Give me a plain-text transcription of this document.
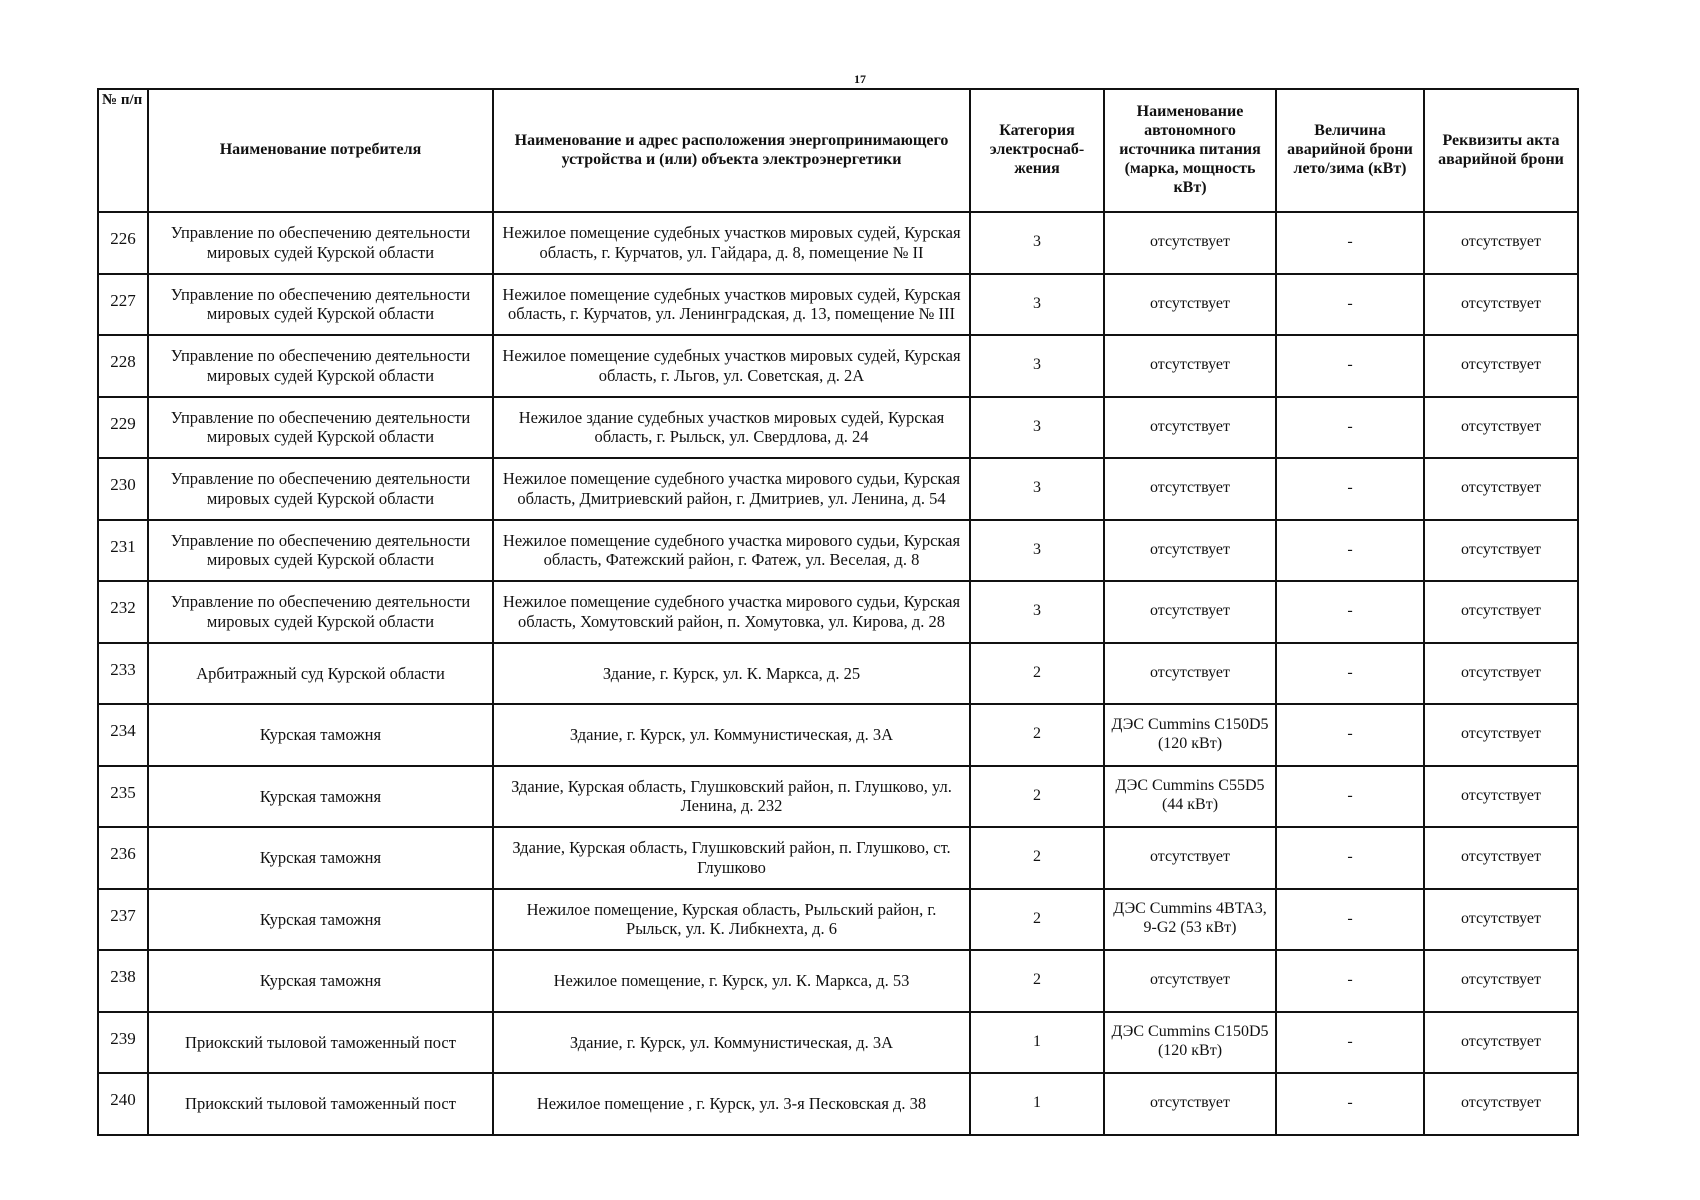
17
№ п/п	Наименование потребителя	Наименование и адрес расположения энергопринимающего устройства и (или) объекта электроэнергетики	Категория электроснаб-жения	Наименование автономного источника питания (марка, мощность кВт)	Величина аварийной брони лето/зима (кВт)	Реквизиты акта аварийной брони
226	Управление по обеспечению деятельности мировых судей Курской области	Нежилое помещение судебных участков мировых судей, Курская область, г. Курчатов, ул. Гайдара, д. 8, помещение № II	3	отсутствует	-	отсутствует
227	Управление по обеспечению деятельности мировых судей Курской области	Нежилое помещение судебных участков мировых судей, Курская область, г. Курчатов, ул. Ленинградская, д. 13, помещение № III	3	отсутствует	-	отсутствует
228	Управление по обеспечению деятельности мировых судей Курской области	Нежилое помещение судебных участков мировых судей, Курская область, г. Льгов, ул. Советская, д. 2А	3	отсутствует	-	отсутствует
229	Управление по обеспечению деятельности мировых судей Курской области	Нежилое здание судебных участков мировых судей, Курская область, г. Рыльск, ул. Свердлова, д. 24	3	отсутствует	-	отсутствует
230	Управление по обеспечению деятельности мировых судей Курской области	Нежилое помещение судебного участка мирового судьи, Курская область, Дмитриевский район, г. Дмитриев, ул. Ленина, д. 54	3	отсутствует	-	отсутствует
231	Управление по обеспечению деятельности мировых судей Курской области	Нежилое помещение судебного участка мирового судьи, Курская область, Фатежский район, г. Фатеж, ул. Веселая, д. 8	3	отсутствует	-	отсутствует
232	Управление по обеспечению деятельности мировых судей Курской области	Нежилое помещение судебного участка мирового судьи, Курская область, Хомутовский район, п. Хомутовка, ул. Кирова, д. 28	3	отсутствует	-	отсутствует
233	Арбитражный суд Курской области	Здание, г. Курск, ул. К. Маркса, д. 25	2	отсутствует	-	отсутствует
234	Курская таможня	Здание, г. Курск, ул. Коммунистическая, д. 3А	2	ДЭС Cummins C150D5 (120 кВт)	-	отсутствует
235	Курская таможня	Здание, Курская область, Глушковский район, п. Глушково, ул. Ленина, д. 232	2	ДЭС Cummins C55D5 (44 кВт)	-	отсутствует
236	Курская таможня	Здание, Курская область, Глушковский район, п. Глушково, ст. Глушково	2	отсутствует	-	отсутствует
237	Курская таможня	Нежилое помещение, Курская область, Рыльский район, г. Рыльск, ул. К. Либкнехта, д. 6	2	ДЭС Cummins 4BTA3, 9-G2 (53 кВт)	-	отсутствует
238	Курская таможня	Нежилое помещение, г. Курск, ул. К. Маркса, д. 53	2	отсутствует	-	отсутствует
239	Приокский тыловой таможенный пост	Здание, г. Курск, ул. Коммунистическая, д. 3А	1	ДЭС Cummins C150D5 (120 кВт)	-	отсутствует
240	Приокский тыловой таможенный пост	Нежилое помещение , г. Курск, ул. 3-я Песковская д. 38	1	отсутствует	-	отсутствует
